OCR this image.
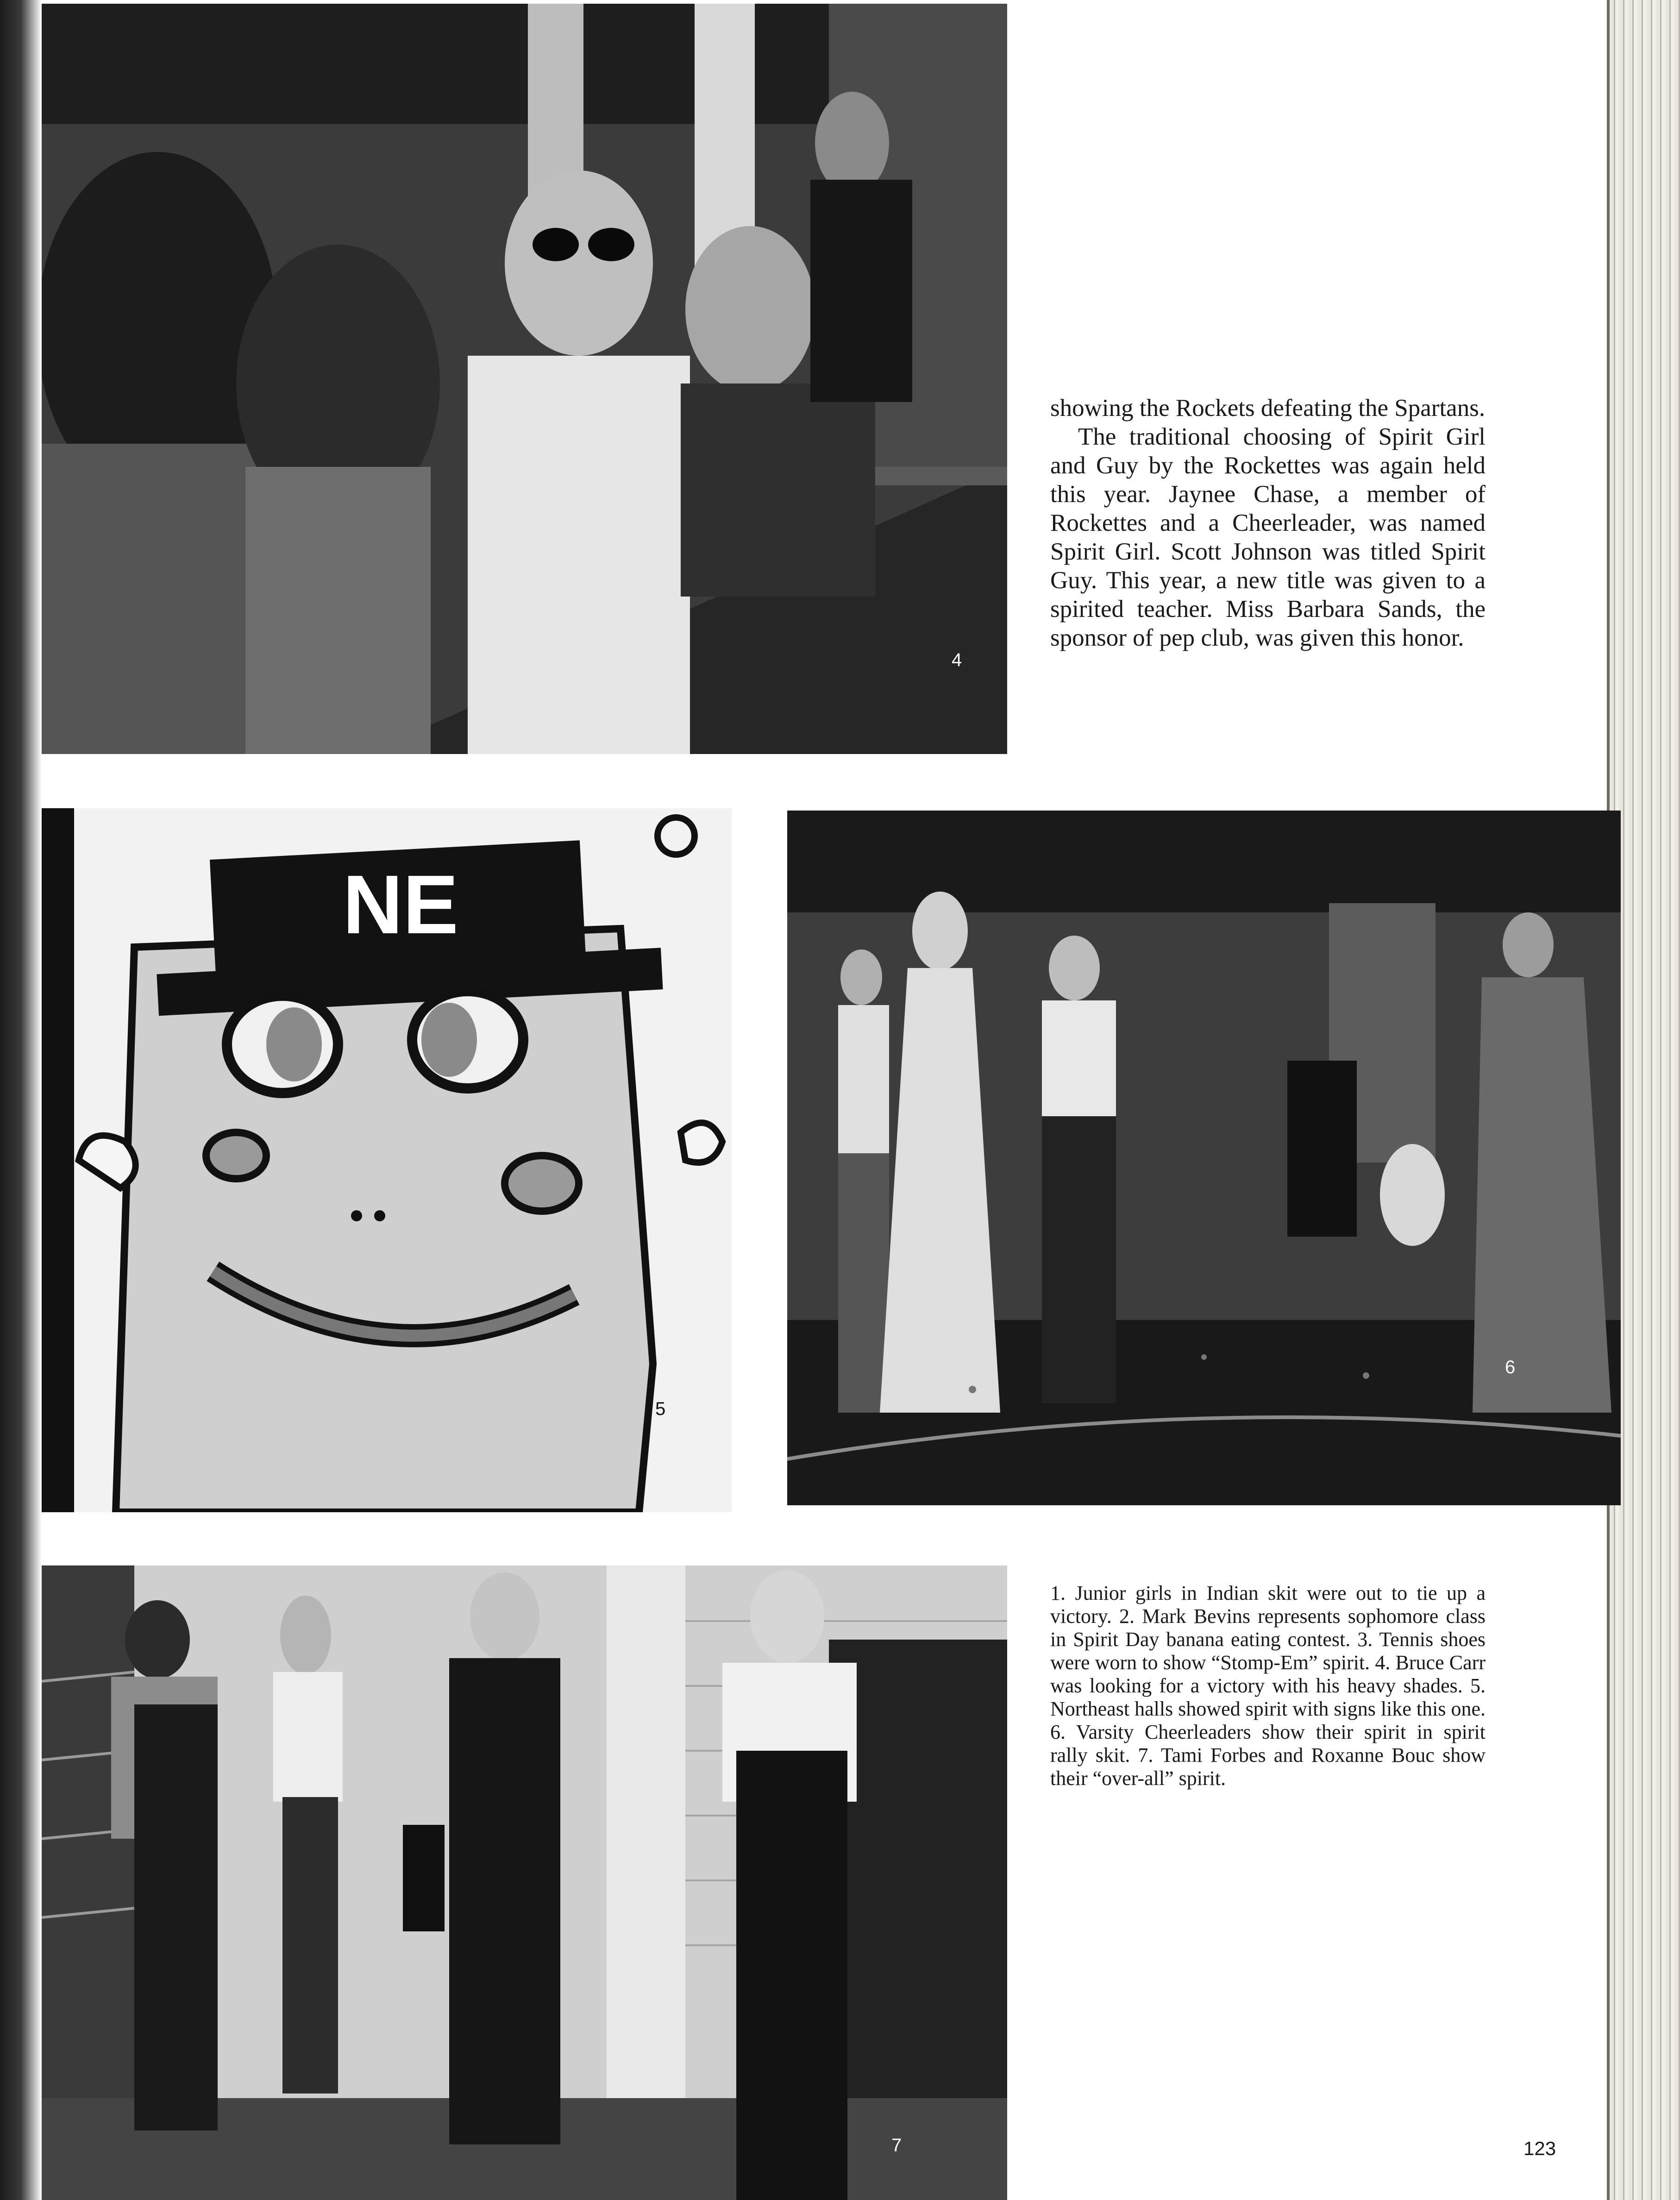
4
NE
5
6
7

showing the Rockets defeating the Spartans.

The traditional choosing of Spirit Girl and Guy by the Rockettes was again held this year. Jaynee Chase, a member of Rockettes and a Cheerleader, was named Spirit Girl. Scott Johnson was titled Spirit Guy. This year, a new title was given to a spirited teacher. Miss Barbara Sands, the sponsor of pep club, was given this honor.

1. Junior girls in Indian skit were out to tie up a victory. 2. Mark Bevins represents sophomore class in Spirit Day banana eating contest. 3. Tennis shoes were worn to show “Stomp-Em” spirit. 4. Bruce Carr was looking for a victory with his heavy shades. 5. Northeast halls showed spirit with signs like this one. 6. Varsity Cheerleaders show their spirit in spirit rally skit. 7. Tami Forbes and Roxanne Bouc show their “over-all” spirit.
123
